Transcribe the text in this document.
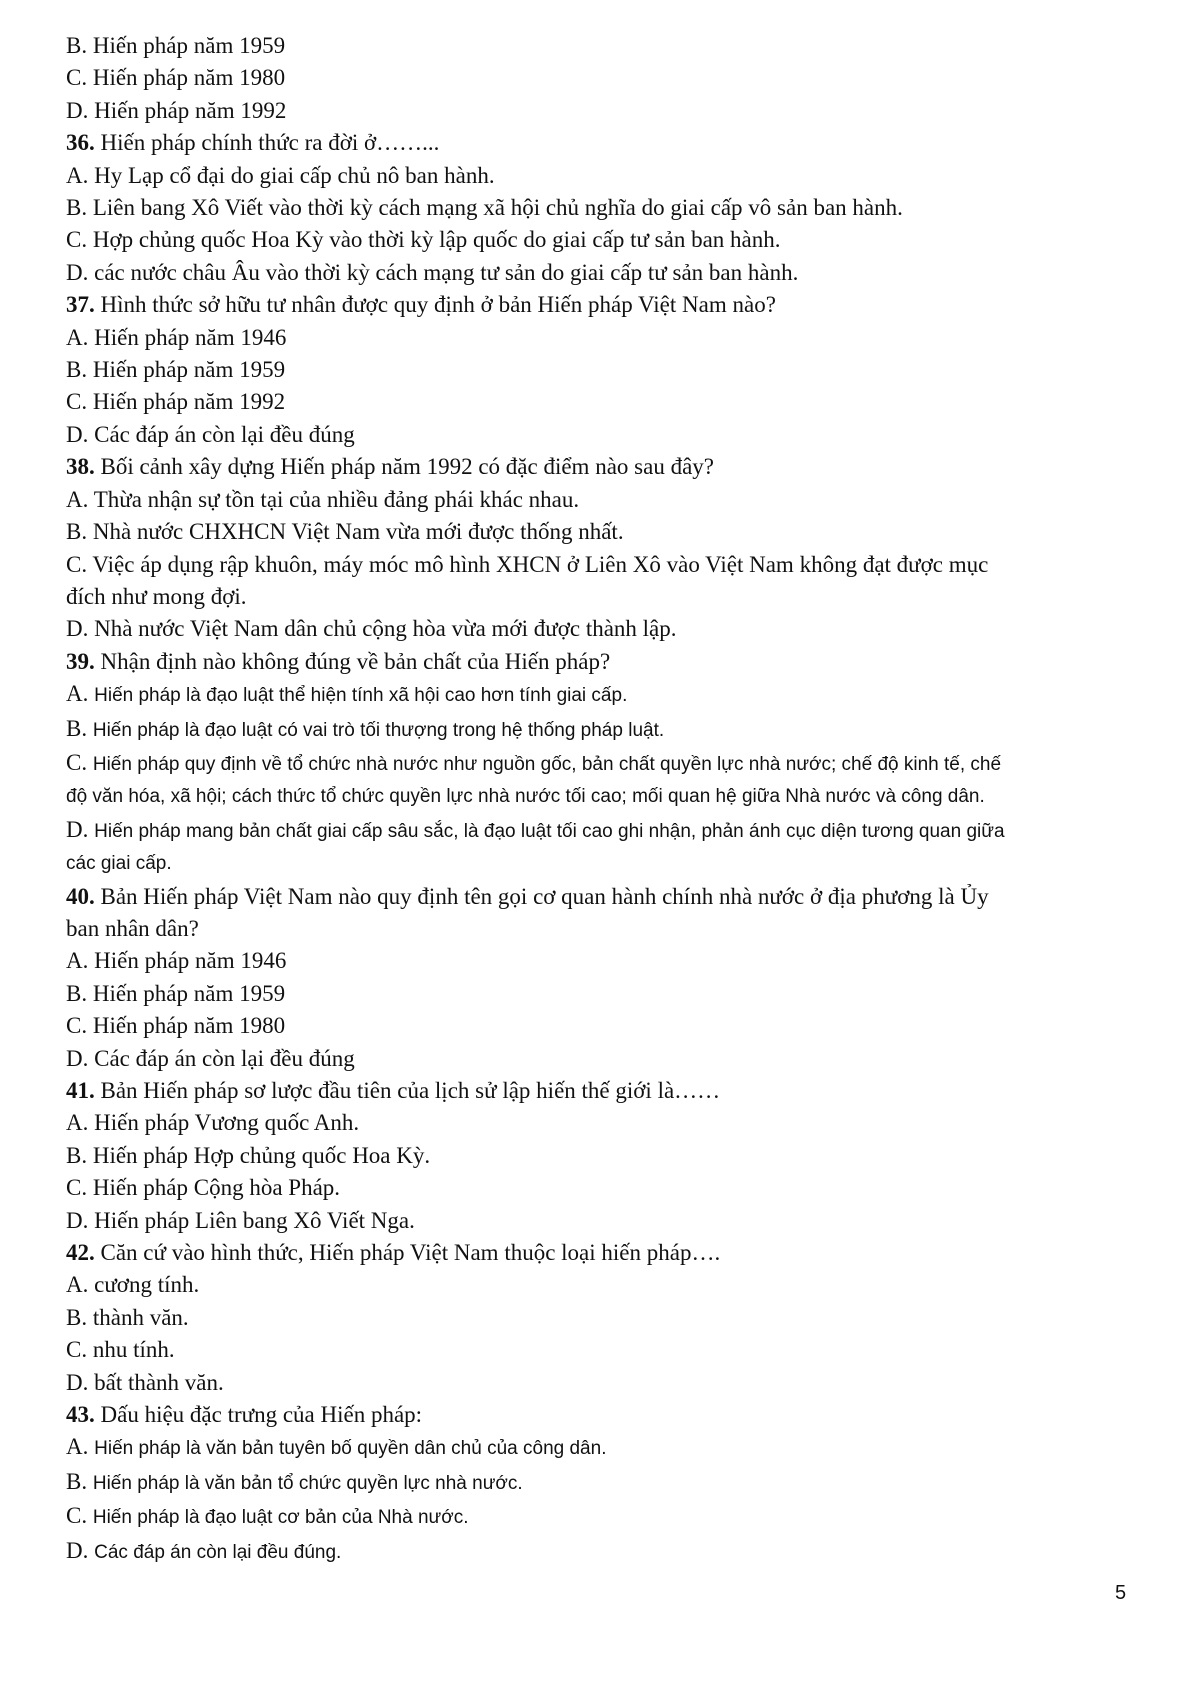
B. Hiến pháp năm 1959
C. Hiến pháp năm 1980
D. Hiến pháp năm 1992
36. Hiến pháp chính thức ra đời ở……...
A. Hy Lạp cổ đại do giai cấp chủ nô ban hành.
B. Liên bang Xô Viết vào thời kỳ cách mạng xã hội chủ nghĩa do giai cấp vô sản ban hành.
C. Hợp chủng quốc Hoa Kỳ vào thời kỳ lập quốc do giai cấp tư sản ban hành.
D. các nước châu Âu vào thời kỳ cách mạng tư sản do giai cấp tư sản ban hành.
37. Hình thức sở hữu tư nhân được quy định ở bản Hiến pháp Việt Nam nào?
A. Hiến pháp năm 1946
B. Hiến pháp năm 1959
C. Hiến pháp năm 1992
D. Các đáp án còn lại đều đúng
38. Bối cảnh xây dựng Hiến pháp năm 1992 có đặc điểm nào sau đây?
A. Thừa nhận sự tồn tại của nhiều đảng phái khác nhau.
B. Nhà nước CHXHCN Việt Nam vừa mới được thống nhất.
C. Việc áp dụng rập khuôn, máy móc mô hình XHCN ở Liên Xô vào Việt Nam không đạt được mục
đích như mong đợi.
D. Nhà nước Việt Nam dân chủ cộng hòa vừa mới được thành lập.
39. Nhận định nào không đúng về bản chất của Hiến pháp?
A. Hiến pháp là đạo luật thể hiện tính xã hội cao hơn tính giai cấp.
B. Hiến pháp là đạo luật có vai trò tối thượng trong hệ thống pháp luật.
C. Hiến pháp quy định về tổ chức nhà nước như nguồn gốc, bản chất quyền lực nhà nước; chế độ kinh tế, chế
độ văn hóa, xã hội; cách thức tổ chức quyền lực nhà nước tối cao; mối quan hệ giữa Nhà nước và công dân.
D. Hiến pháp mang bản chất giai cấp sâu sắc, là đạo luật tối cao ghi nhận, phản ánh cục diện tương quan giữa
các giai cấp.
40. Bản Hiến pháp Việt Nam nào quy định tên gọi cơ quan hành chính nhà nước ở địa phương là Ủy
ban nhân dân?
A. Hiến pháp năm 1946
B. Hiến pháp năm 1959
C. Hiến pháp năm 1980
D. Các đáp án còn lại đều đúng
41. Bản Hiến pháp sơ lược đầu tiên của lịch sử lập hiến thế giới là……
A. Hiến pháp Vương quốc Anh.
B. Hiến pháp Hợp chủng quốc Hoa Kỳ.
C. Hiến pháp Cộng hòa Pháp.
D. Hiến pháp Liên bang Xô Viết Nga.
42. Căn cứ vào hình thức, Hiến pháp Việt Nam thuộc loại hiến pháp….
A. cương tính.
B. thành văn.
C. nhu tính.
D. bất thành văn.
43. Dấu hiệu đặc trưng của Hiến pháp:
A. Hiến pháp là văn bản tuyên bố quyền dân chủ của công dân.
B. Hiến pháp là văn bản tổ chức quyền lực nhà nước.
C. Hiến pháp là đạo luật cơ bản của Nhà nước.
D. Các đáp án còn lại đều đúng.
5
